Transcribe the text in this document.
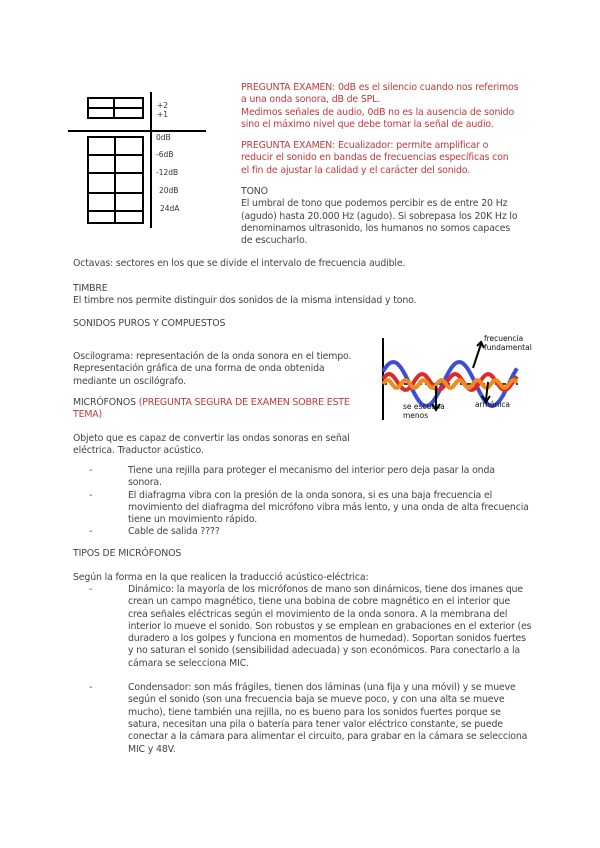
+2
+1
0dB
-6dB
-12dB
20dB
24dA

PREGUNTA EXAMEN: 0dB es el silencio cuando nos referimos

a una onda sonora, dB de SPL.

Medimos señales de audio, 0dB no es la ausencia de sonido

sino el máximo nivel que debe tomar la señal de audio.

PREGUNTA EXAMEN: Ecualizador: permite amplificar o

reducir el sonido en bandas de frecuencias específicas con

el fin de ajustar la calidad y el carácter del sonido.

TONO

El umbral de tono que podemos percibir es de entre 20 Hz

(agudo) hasta 20.000 Hz (agudo). Si sobrepasa los 20K Hz lo

denominamos ultrasonido, los humanos no somos capaces

de escucharlo.

Octavas: sectores en los que se divide el intervalo de frecuencia audible.

TIMBRE

El timbre nos permite distinguir dos sonidos de la misma intensidad y tono.

SONIDOS PUROS Y COMPUESTOS

Oscilograma: representación de la onda sonora en el tiempo.

Representación gráfica de una forma de onda obtenida

mediante un oscilógrafo.

frecuencia
fundamental
se escucha
menos
armónica

MICRÓFONOS (PREGUNTA SEGURA DE EXAMEN SOBRE ESTE

TEMA)

Objeto que es capaz de convertir las ondas sonoras en señal

eléctrica. Traductor acústico.

-	Tiene una rejilla para proteger el mecanismo del interior pero deja pasar la onda

sonora.

-	El diafragma vibra con la presión de la onda sonora, si es una baja frecuencia el

movimiento del diafragma del micrófono vibra más lento, y una onda de alta frecuencia

tiene un movimiento rápido.

-	Cable de salida ????

TIPOS DE MICRÓFONOS

Según la forma en la que realicen la traducció acústico-eléctrica:

-	Dinámico: la mayoría de los micrófonos de mano son dinámicos, tiene dos imanes que

crean un campo magnético, tiene una bobina de cobre magnético en el interior que

crea señales eléctricas según el movimiento de la onda sonora. A la membrana del

interior lo mueve el sonido. Son robustos y se emplean en grabaciones en el exterior (es

duradero a los golpes y funciona en momentos de humedad). Soportan sonidos fuertes

y no saturan el sonido (sensibilidad adecuada) y son económicos. Para conectarlo a la

cámara se selecciona MIC.

-	Condensador: son más frágiles, tienen dos láminas (una fija y una móvil) y se mueve

según el sonido (son una frecuencia baja se mueve poco, y con una alta se mueve

mucho), tiene también una rejilla, no es bueno para los sonidos fuertes porque se

satura, necesitan una pila o batería para tener valor eléctrico constante, se puede

conectar a la cámara para alimentar el circuito, para grabar en la cámara se selecciona

MIC y 48V.
